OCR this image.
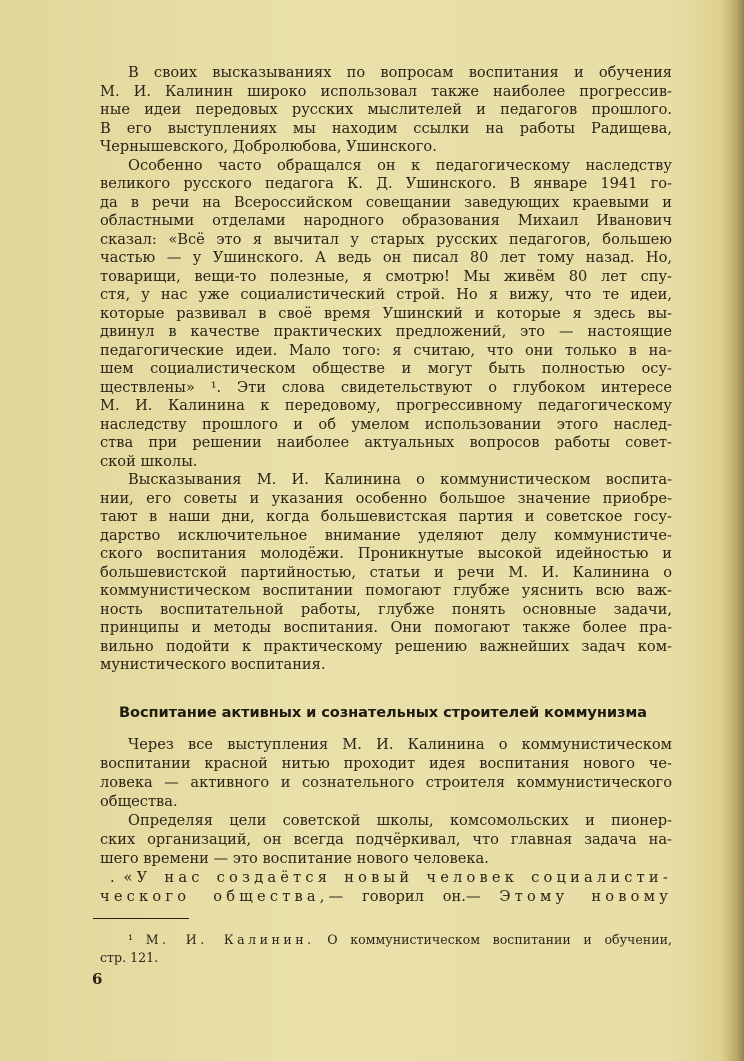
В своих высказываниях по вопросам воспитания и обучения
М. И. Калинин широко использовал также наиболее прогрессив-
ные идеи передовых русских мыслителей и педагогов прошлого.
В его выступлениях мы находим ссылки на работы Радищева,
Чернышевского, Добролюбова, Ушинского.
Особенно часто обращался он к педагогическому наследству
великого русского педагога К. Д. Ушинского. В январе 1941 го-
да в речи на Всероссийском совещании заведующих краевыми и
областными отделами народного образования Михаил Иванович
сказал: «Всё это я вычитал у старых русских педагогов, большею
частью — у Ушинского. А ведь он писал 80 лет тому назад. Но,
товарищи, вещи-то полезные, я смотрю! Мы живём 80 лет спу-
стя, у нас уже социалистический строй. Но я вижу, что те идеи,
которые развивал в своё время Ушинский и которые я здесь вы-
двинул в качестве практических предложений, это — настоящие
педагогические идеи. Мало того: я считаю, что они только в на-
шем социалистическом обществе и могут быть полностью осу-
ществлены» ¹. Эти слова свидетельствуют о глубоком интересе
М. И. Калинина к передовому, прогрессивному педагогическому
наследству прошлого и об умелом использовании этого наслед-
ства при решении наиболее актуальных вопросов работы совет-
ской школы.
Высказывания М. И. Калинина о коммунистическом воспита-
нии, его советы и указания особенно большое значение приобре-
тают в наши дни, когда большевистская партия и советское госу-
дарство исключительное внимание уделяют делу коммунистиче-
ского воспитания молодёжи. Проникнутые высокой идейностью и
большевистской партийностью, статьи и речи М. И. Калинина о
коммунистическом воспитании помогают глубже уяснить всю важ-
ность воспитательной работы, глубже понять основные задачи,
принципы и методы воспитания. Они помогают также более пра-
вильно подойти к практическому решению важнейших задач ком-
мунистического воспитания.
Воспитание активных и сознательных строителей коммунизма
Через все выступления М. И. Калинина о коммунистическом
воспитании красной нитью проходит идея воспитания нового че-
ловека — активного и сознательного строителя коммунистического
общества.
Определяя цели советской школы, комсомольских и пионер-
ских организаций, он всегда подчёркивал, что главная задача на-
шего времени — это воспитание нового человека.
. «У нас создаётся новый человек социалисти-
ческого общества,— говорил он.— Этому новому
¹ М. И. Калинин. О коммунистическом воспитании и обучении,
стр. 121.
6
